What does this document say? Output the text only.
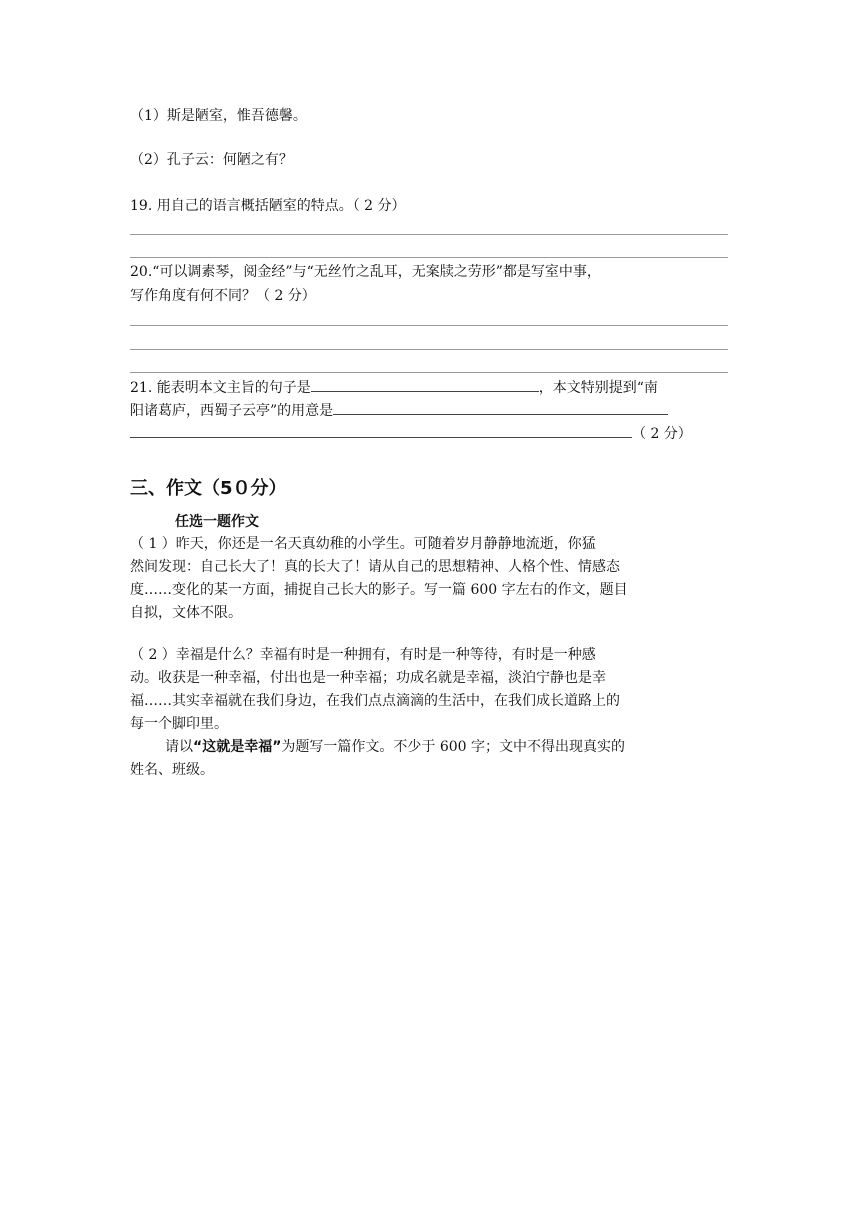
（1）斯是陋室，惟吾德馨。
（2）孔子云：何陋之有？
19. 用自己的语言概括陋室的特点。（ 2 分）
20.“可以调素琴，阅金经”与“无丝竹之乱耳，无案牍之劳形”都是写室中事，
写作角度有何不同？（ 2 分）
21. 能表明本文主旨的句子是	，本文特别提到“南
阳诸葛庐，西蜀子云亭”的用意是
（ 2 分）
三、作文（5０分）
任选一题作文
（ 1 ）昨天，你还是一名天真幼稚的小学生。可随着岁月静静地流逝，你猛
然间发现：自己长大了！真的长大了！请从自己的思想精神、人格个性、情感态
度……变化的某一方面，捕捉自己长大的影子。写一篇 600 字左右的作文，题目
自拟，文体不限。
（ 2 ）幸福是什么？幸福有时是一种拥有，有时是一种等待，有时是一种感
动。收获是一种幸福，付出也是一种幸福；功成名就是幸福，淡泊宁静也是幸
福……其实幸福就在我们身边，在我们点点滴滴的生活中，在我们成长道路上的
每一个脚印里。
请以“这就是幸福”为题写一篇作文。不少于 600 字；文中不得出现真实的
姓名、班级。
